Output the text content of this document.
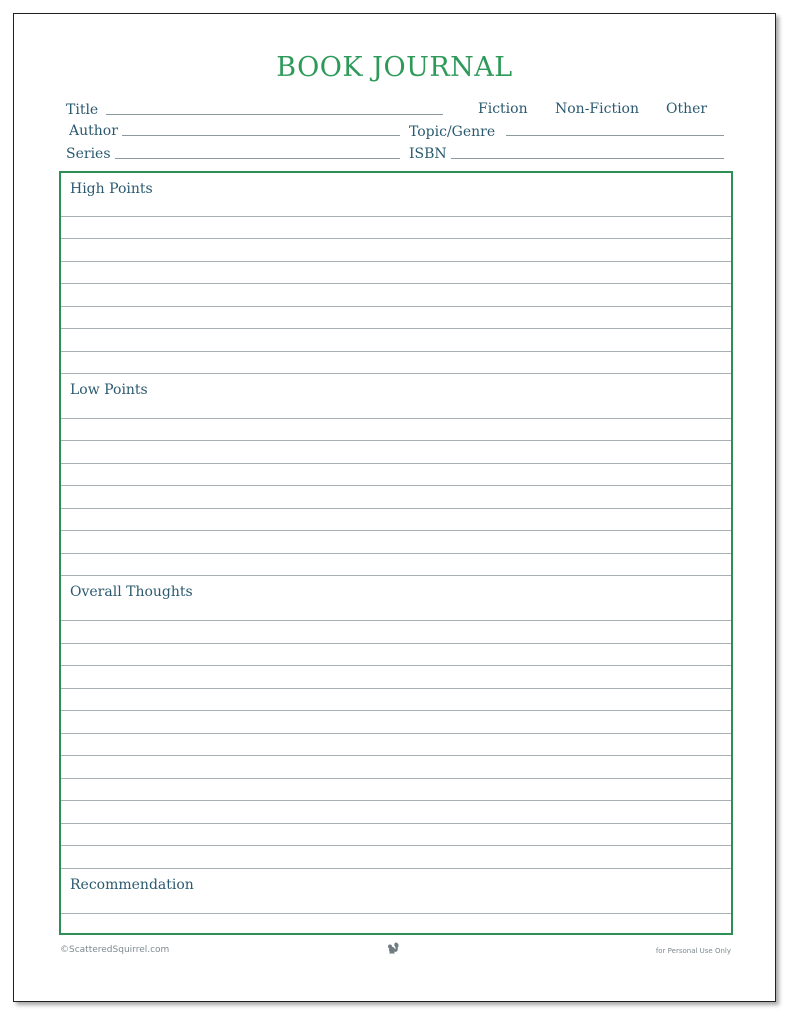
BOOK JOURNAL
Title	Fiction Non-Fiction Other
Author	Topic/Genre
Series	ISBN
High Points
Low Points
Overall Thoughts
Recommendation
©ScatteredSquirrel.com	for Personal Use Only
